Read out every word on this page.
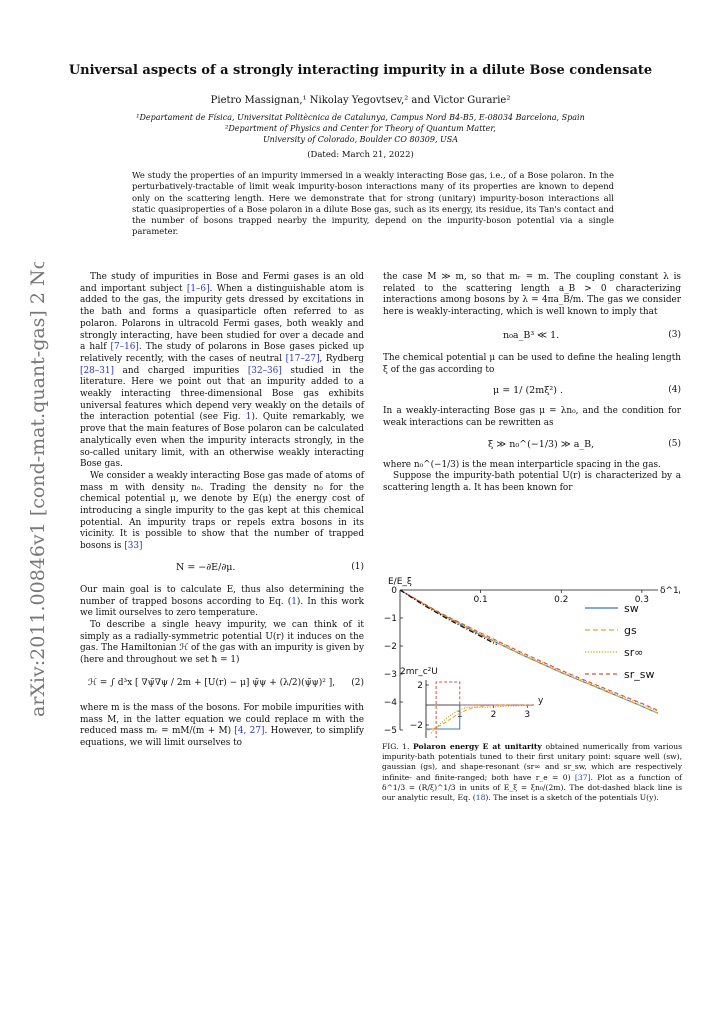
arXiv:2011.00846v1 [cond-mat.quant-gas] 2 Nov 2020
Universal aspects of a strongly interacting impurity in a dilute Bose condensate
Pietro Massignan,¹ Nikolay Yegovtsev,² and Victor Gurarie²
¹Departament de Física, Universitat Politècnica de Catalunya, Campus Nord B4-B5, E-08034 Barcelona, Spain
²Department of Physics and Center for Theory of Quantum Matter,
University of Colorado, Boulder CO 80309, USA
(Dated: March 21, 2022)
We study the properties of an impurity immersed in a weakly interacting Bose gas, i.e., of a Bose polaron. In the perturbatively-tractable of limit weak impurity-boson interactions many of its properties are known to depend only on the scattering length. Here we demonstrate that for strong (unitary) impurity-boson interactions all static quasiproperties of a Bose polaron in a dilute Bose gas, such as its energy, its residue, its Tan's contact and the number of bosons trapped nearby the impurity, depend on the impurity-boson potential via a single parameter.

The study of impurities in Bose and Fermi gases is an old and important subject [1–6]. When a distinguishable atom is added to the gas, the impurity gets dressed by excitations in the bath and forms a quasiparticle often referred to as polaron. Polarons in ultracold Fermi gases, both weakly and strongly interacting, have been studied for over a decade and a half [7–16]. The study of polarons in Bose gases picked up relatively recently, with the cases of neutral [17–27], Rydberg [28–31] and charged impurities [32–36] studied in the literature. Here we point out that an impurity added to a weakly interacting three-dimensional Bose gas exhibits universal features which depend very weakly on the details of the interaction potential (see Fig. 1). Quite remarkably, we prove that the main features of Bose polaron can be calculated analytically even when the impurity interacts strongly, in the so-called unitary limit, with an otherwise weakly interacting Bose gas.

We consider a weakly interacting Bose gas made of atoms of mass m with density n₀. Trading the density n₀ for the chemical potential μ, we denote by E(μ) the energy cost of introducing a single impurity to the gas kept at this chemical potential. An impurity traps or repels extra bosons in its vicinity. It is possible to show that the number of trapped bosons is [33]

N = −∂E/∂μ.	(1)

Our main goal is to calculate E, thus also determining the number of trapped bosons according to Eq. (1). In this work we limit ourselves to zero temperature.

To describe a single heavy impurity, we can think of it simply as a radially-symmetric potential U(r) it induces on the gas. The Hamiltonian ℋ of the gas with an impurity is given by (here and throughout we set ħ = 1)

ℋ = ∫ d³x [ ∇ψ̄∇ψ / 2m + [U(r) − μ] ψ̄ψ + (λ/2)(ψ̄ψ)² ], (2)

where m is the mass of the bosons. For mobile impurities with mass M, in the latter equation we could replace m with the reduced mass mᵣ = mM/(m + M) [4, 27]. However, to simplify equations, we will limit ourselves to

the case M ≫ m, so that mᵣ = m. The coupling constant λ is related to the scattering length a_B > 0 characterizing interactions among bosons by λ = 4πa_B/m. The gas we consider here is weakly-interacting, which is well known to imply that

n₀a_B³ ≪ 1.	(3)

The chemical potential μ can be used to define the healing length ξ of the gas according to

μ = 1/ (2mξ²) .	(4)

In a weakly-interacting Bose gas μ = λn₀, and the condition for weak interactions can be rewritten as

ξ ≫ n₀^(−1/3) ≫ a_B,	(5)

where n₀^(−1/3) is the mean interparticle spacing in the gas.

Suppose the impurity-bath potential U(r) is characterized by a scattering length a. It has been known for

0.1	0.2	0.3
0
−1
−2
−3
−4
−5
E/E_ξ
δ^1
sw
gs
sr∞
sr_sw
1	2	3
2
−2
y
2mr_c²U
FIG. 1. Polaron energy E at unitarity obtained numerically from various impurity-bath potentials tuned to their first unitary point: square well (sw), gaussian (gs), and shape-resonant (sr∞ and sr_sw, which are respectively infinite- and finite-ranged; both have r_e = 0) [37]. Plot as a function of δ^1/3 = (R/ξ)^1/3 in units of E_ξ = ξn₀/(2m). The dot-dashed black line is our analytic result, Eq. (18). The inset is a sketch of the potentials U(y).
